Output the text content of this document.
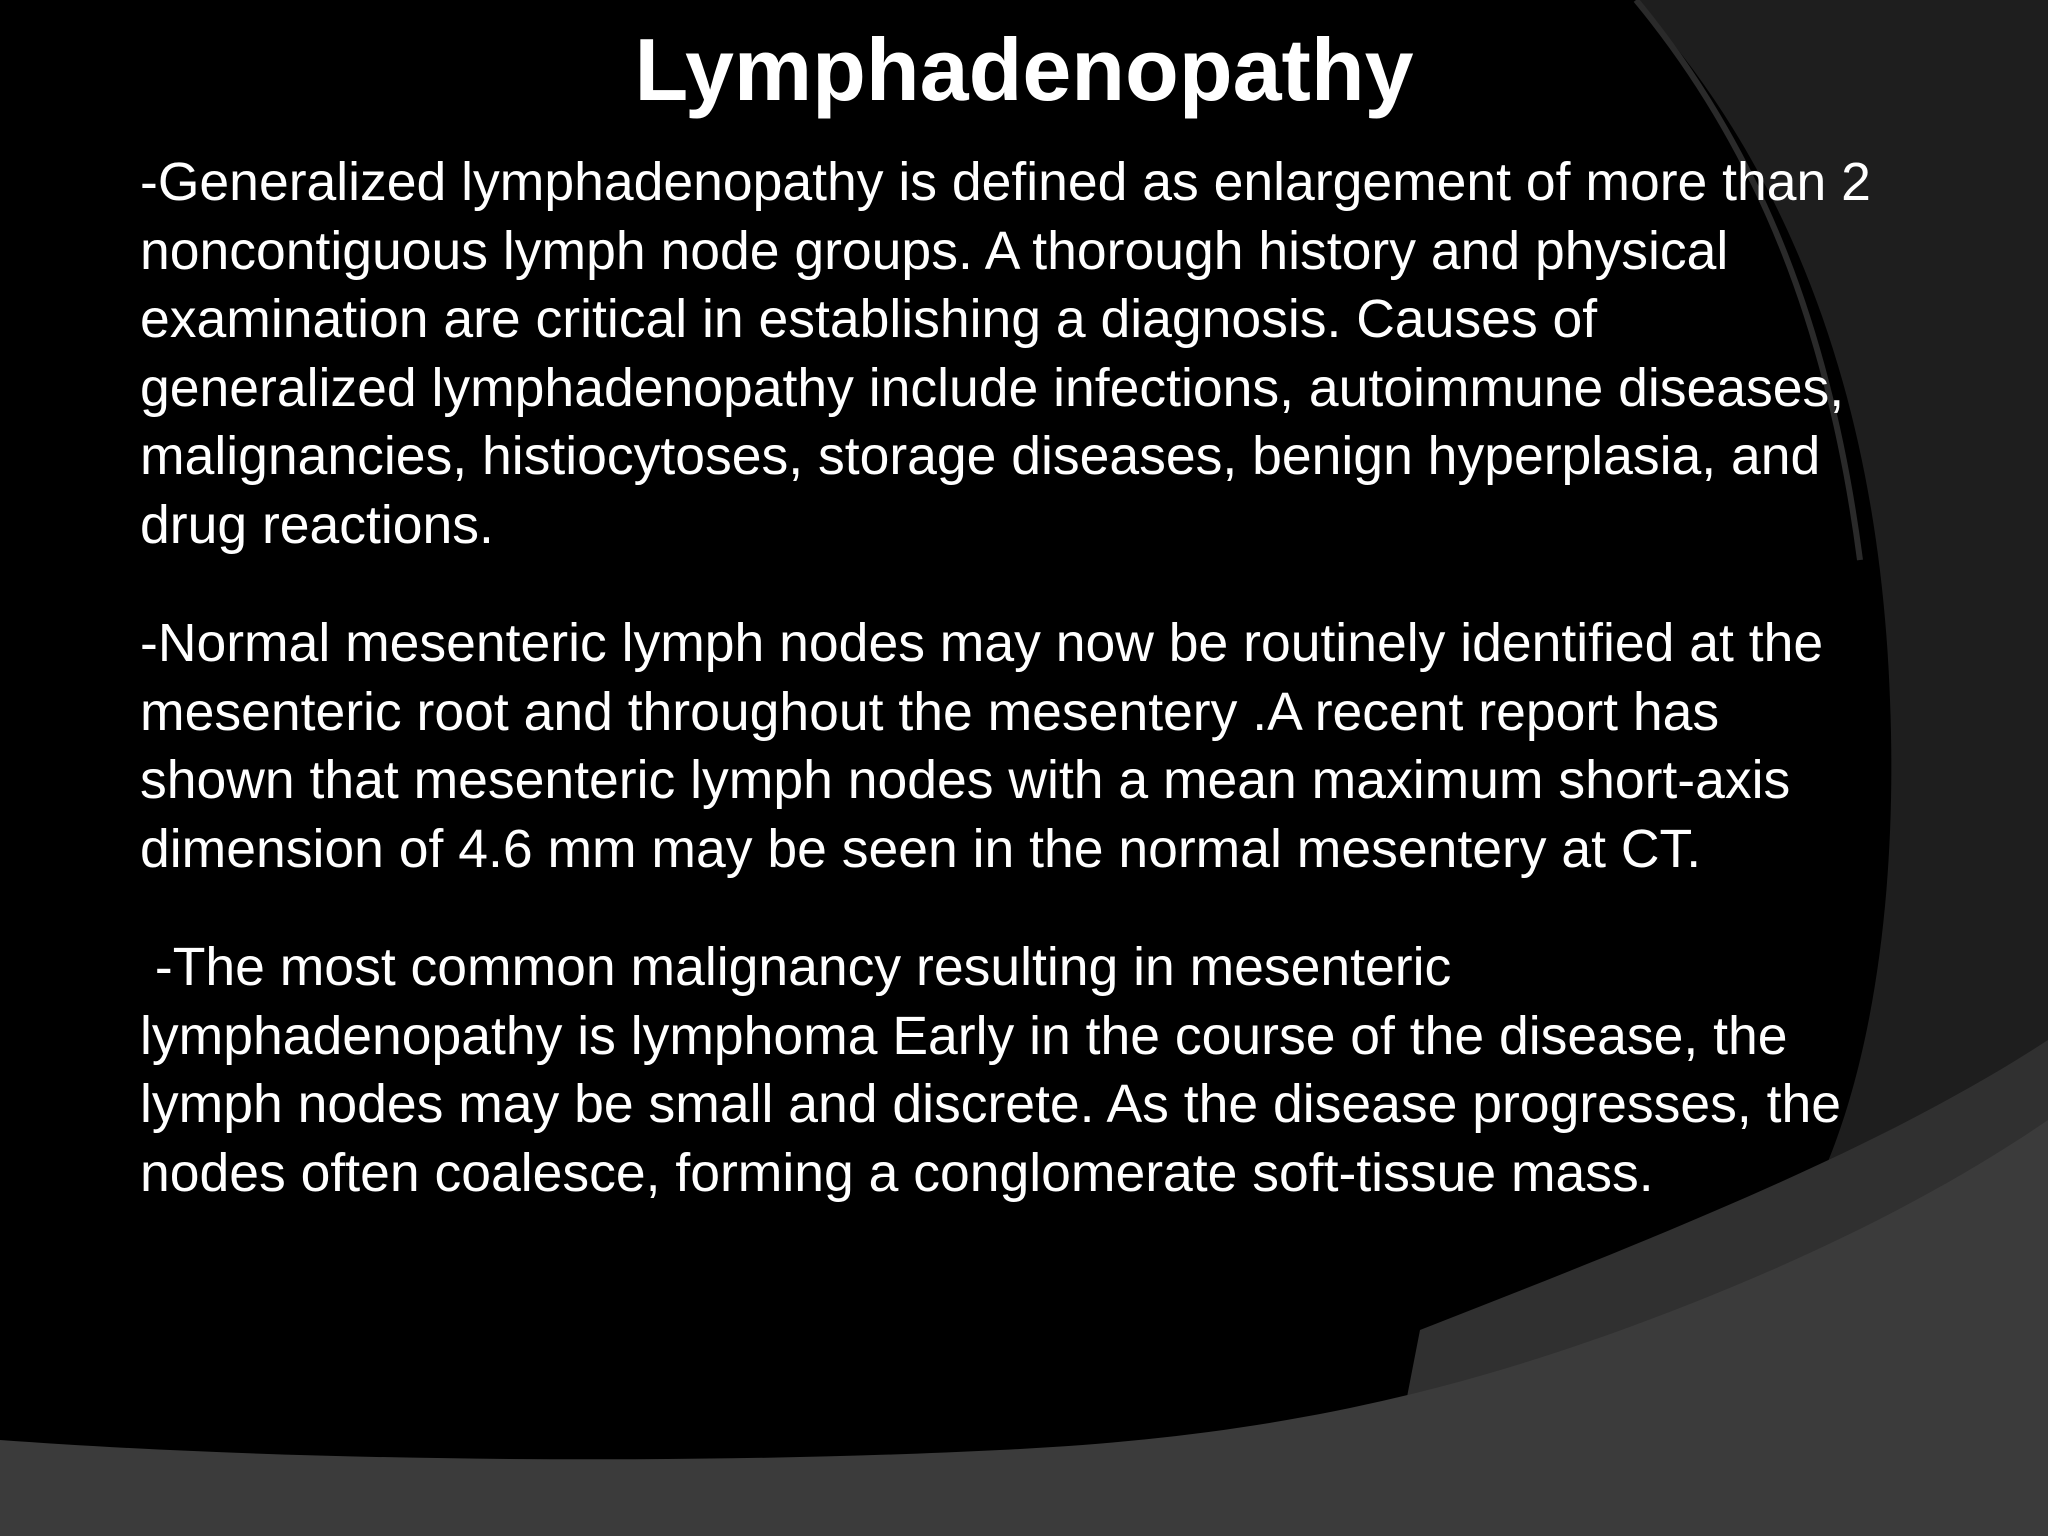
Lymphadenopathy

-Generalized lymphadenopathy is defined as enlargement of more than 2 noncontiguous lymph node groups. A thorough history and physical examination are critical in establishing a diagnosis. Causes of generalized lymphadenopathy include infections, autoimmune diseases, malignancies, histiocytoses, storage diseases, benign hyperplasia, and drug reactions.

-Normal mesenteric lymph nodes may now be routinely identified at the mesenteric root and throughout the mesentery .A recent report has shown that mesenteric lymph nodes with a mean maximum short-axis dimension of 4.6 mm may be seen in the normal mesentery at CT.

-The most common malignancy resulting in mesenteric lymphadenopathy is lymphoma Early in the course of the disease, the lymph nodes may be small and discrete. As the disease progresses, the nodes often coalesce, forming a conglomerate soft-tissue mass.
